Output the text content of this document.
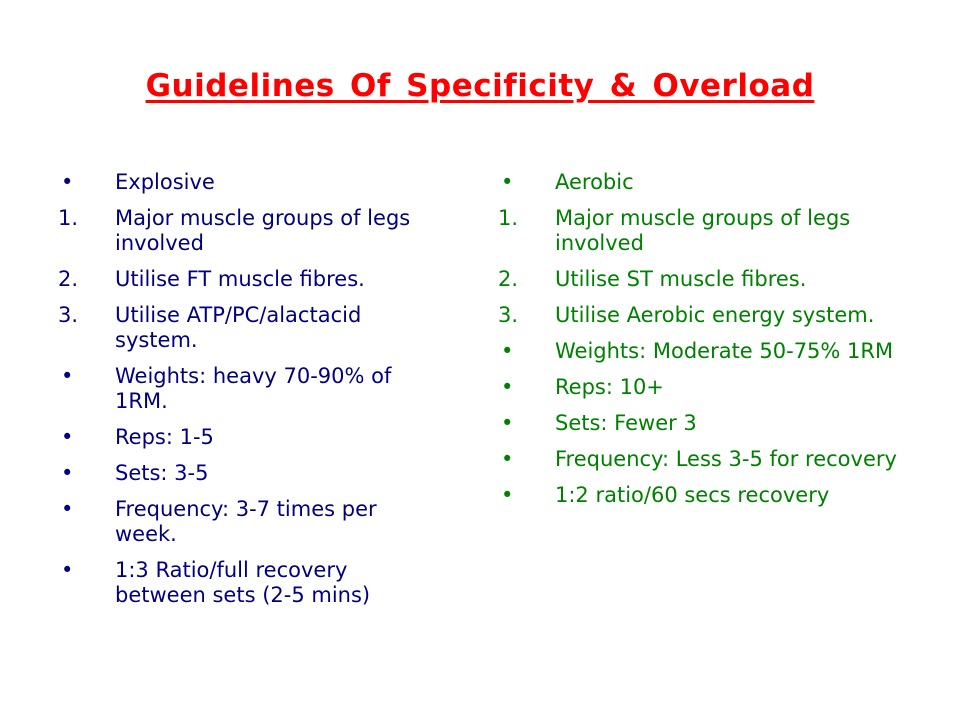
Guidelines Of Specificity & Overload
•	Explosive
1.	Major muscle groups of legs involved
2.	Utilise FT muscle fibres.
3.	Utilise ATP/PC/alactacid system.
•	Weights: heavy 70-90% of 1RM.
•	Reps: 1-5
•	Sets: 3-5
•	Frequency: 3-7 times per week.
•	1:3 Ratio/full recovery between sets (2-5 mins)
•	Aerobic
1.	Major muscle groups of legs involved
2.	Utilise ST muscle fibres.
3.	Utilise Aerobic energy system.
•	Weights: Moderate 50-75% 1RM
•	Reps: 10+
•	Sets: Fewer 3
•	Frequency: Less 3-5 for recovery
•	1:2 ratio/60 secs recovery
